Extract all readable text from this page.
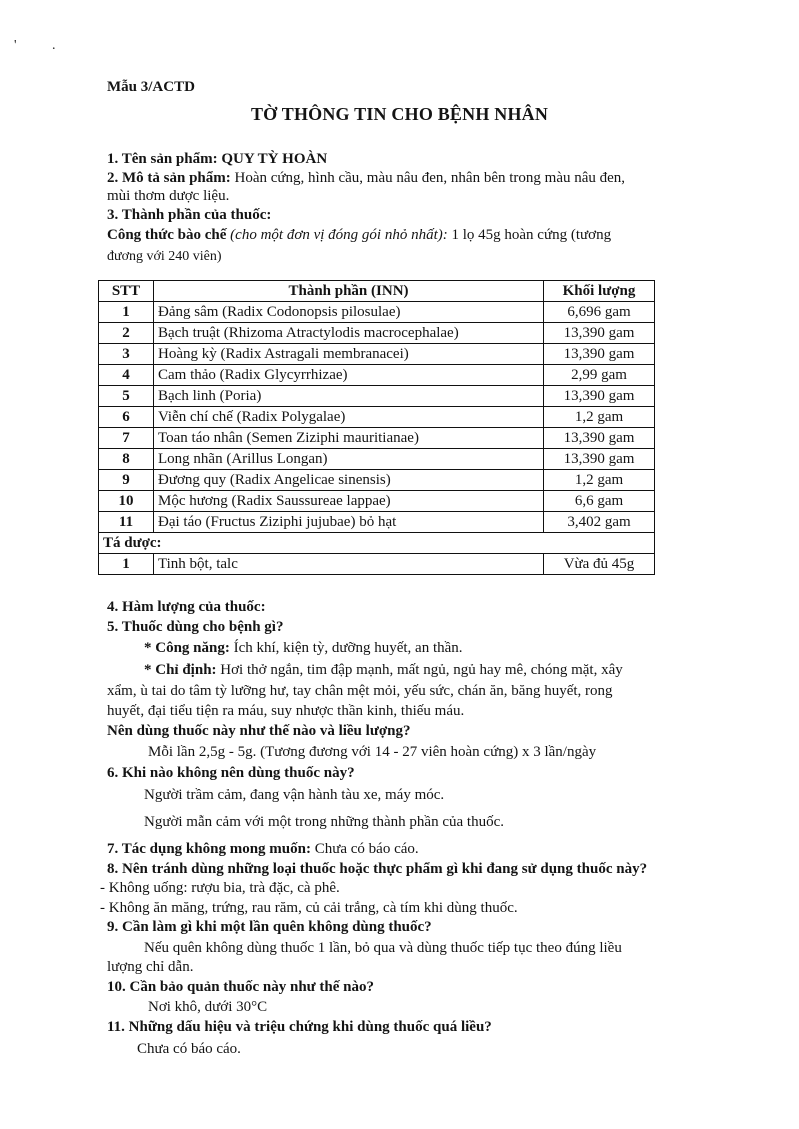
' .
Mẫu 3/ACTD
TỜ THÔNG TIN CHO BỆNH NHÂN
1. Tên sản phẩm: QUY TỲ HOÀN
2. Mô tả sản phẩm: Hoàn cứng, hình cầu, màu nâu đen, nhân bên trong màu nâu đen,
mùi thơm dược liệu.
3. Thành phần của thuốc:
Công thức bào chế (cho một đơn vị đóng gói nhỏ nhất): 1 lọ 45g hoàn cứng (tương
đương với 240 viên)
STT	Thành phần (INN)	Khối lượng
1	Đảng sâm (Radix Codonopsis pilosulae)	6,696 gam
2	Bạch truật (Rhizoma Atractylodis macrocephalae)	13,390 gam
3	Hoàng kỳ (Radix Astragali membranacei)	13,390 gam
4	Cam thảo (Radix Glycyrrhizae)	2,99 gam
5	Bạch linh (Poria)	13,390 gam
6	Viễn chí chế (Radix Polygalae)	1,2 gam
7	Toan táo nhân (Semen Ziziphi mauritianae)	13,390 gam
8	Long nhãn (Arillus Longan)	13,390 gam
9	Đương quy (Radix Angelicae sinensis)	1,2 gam
10	Mộc hương (Radix Saussureae lappae)	6,6 gam
11	Đại táo (Fructus Ziziphi jujubae) bỏ hạt	3,402 gam
Tá dược:		
1	Tinh bột, talc	Vừa đủ 45g
4. Hàm lượng của thuốc:
5. Thuốc dùng cho bệnh gì?
* Công năng: Ích khí, kiện tỳ, dưỡng huyết, an thần.
* Chỉ định: Hơi thở ngắn, tim đập mạnh, mất ngủ, ngủ hay mê, chóng mặt, xây
xẩm, ù tai do tâm tỳ lưỡng hư, tay chân mệt mỏi, yếu sức, chán ăn, băng huyết, rong
huyết, đại tiểu tiện ra máu, suy nhược thần kinh, thiếu máu.
Nên dùng thuốc này như thế nào và liều lượng?
Mỗi lần 2,5g - 5g. (Tương đương với 14 - 27 viên hoàn cứng) x 3 lần/ngày
6. Khi nào không nên dùng thuốc này?
Người trầm cảm, đang vận hành tàu xe, máy móc.
Người mẫn cảm với một trong những thành phần của thuốc.
7. Tác dụng không mong muốn: Chưa có báo cáo.
8. Nên tránh dùng những loại thuốc hoặc thực phẩm gì khi đang sử dụng thuốc này?
- Không uống: rượu bia, trà đặc, cà phê.
- Không ăn măng, trứng, rau răm, củ cải trắng, cà tím khi dùng thuốc.
9. Cần làm gì khi một lần quên không dùng thuốc?
Nếu quên không dùng thuốc 1 lần, bỏ qua và dùng thuốc tiếp tục theo đúng liều
lượng chỉ dẫn.
10. Cần bảo quản thuốc này như thế nào?
Nơi khô, dưới 30°C
11. Những dấu hiệu và triệu chứng khi dùng thuốc quá liều?
Chưa có báo cáo.
